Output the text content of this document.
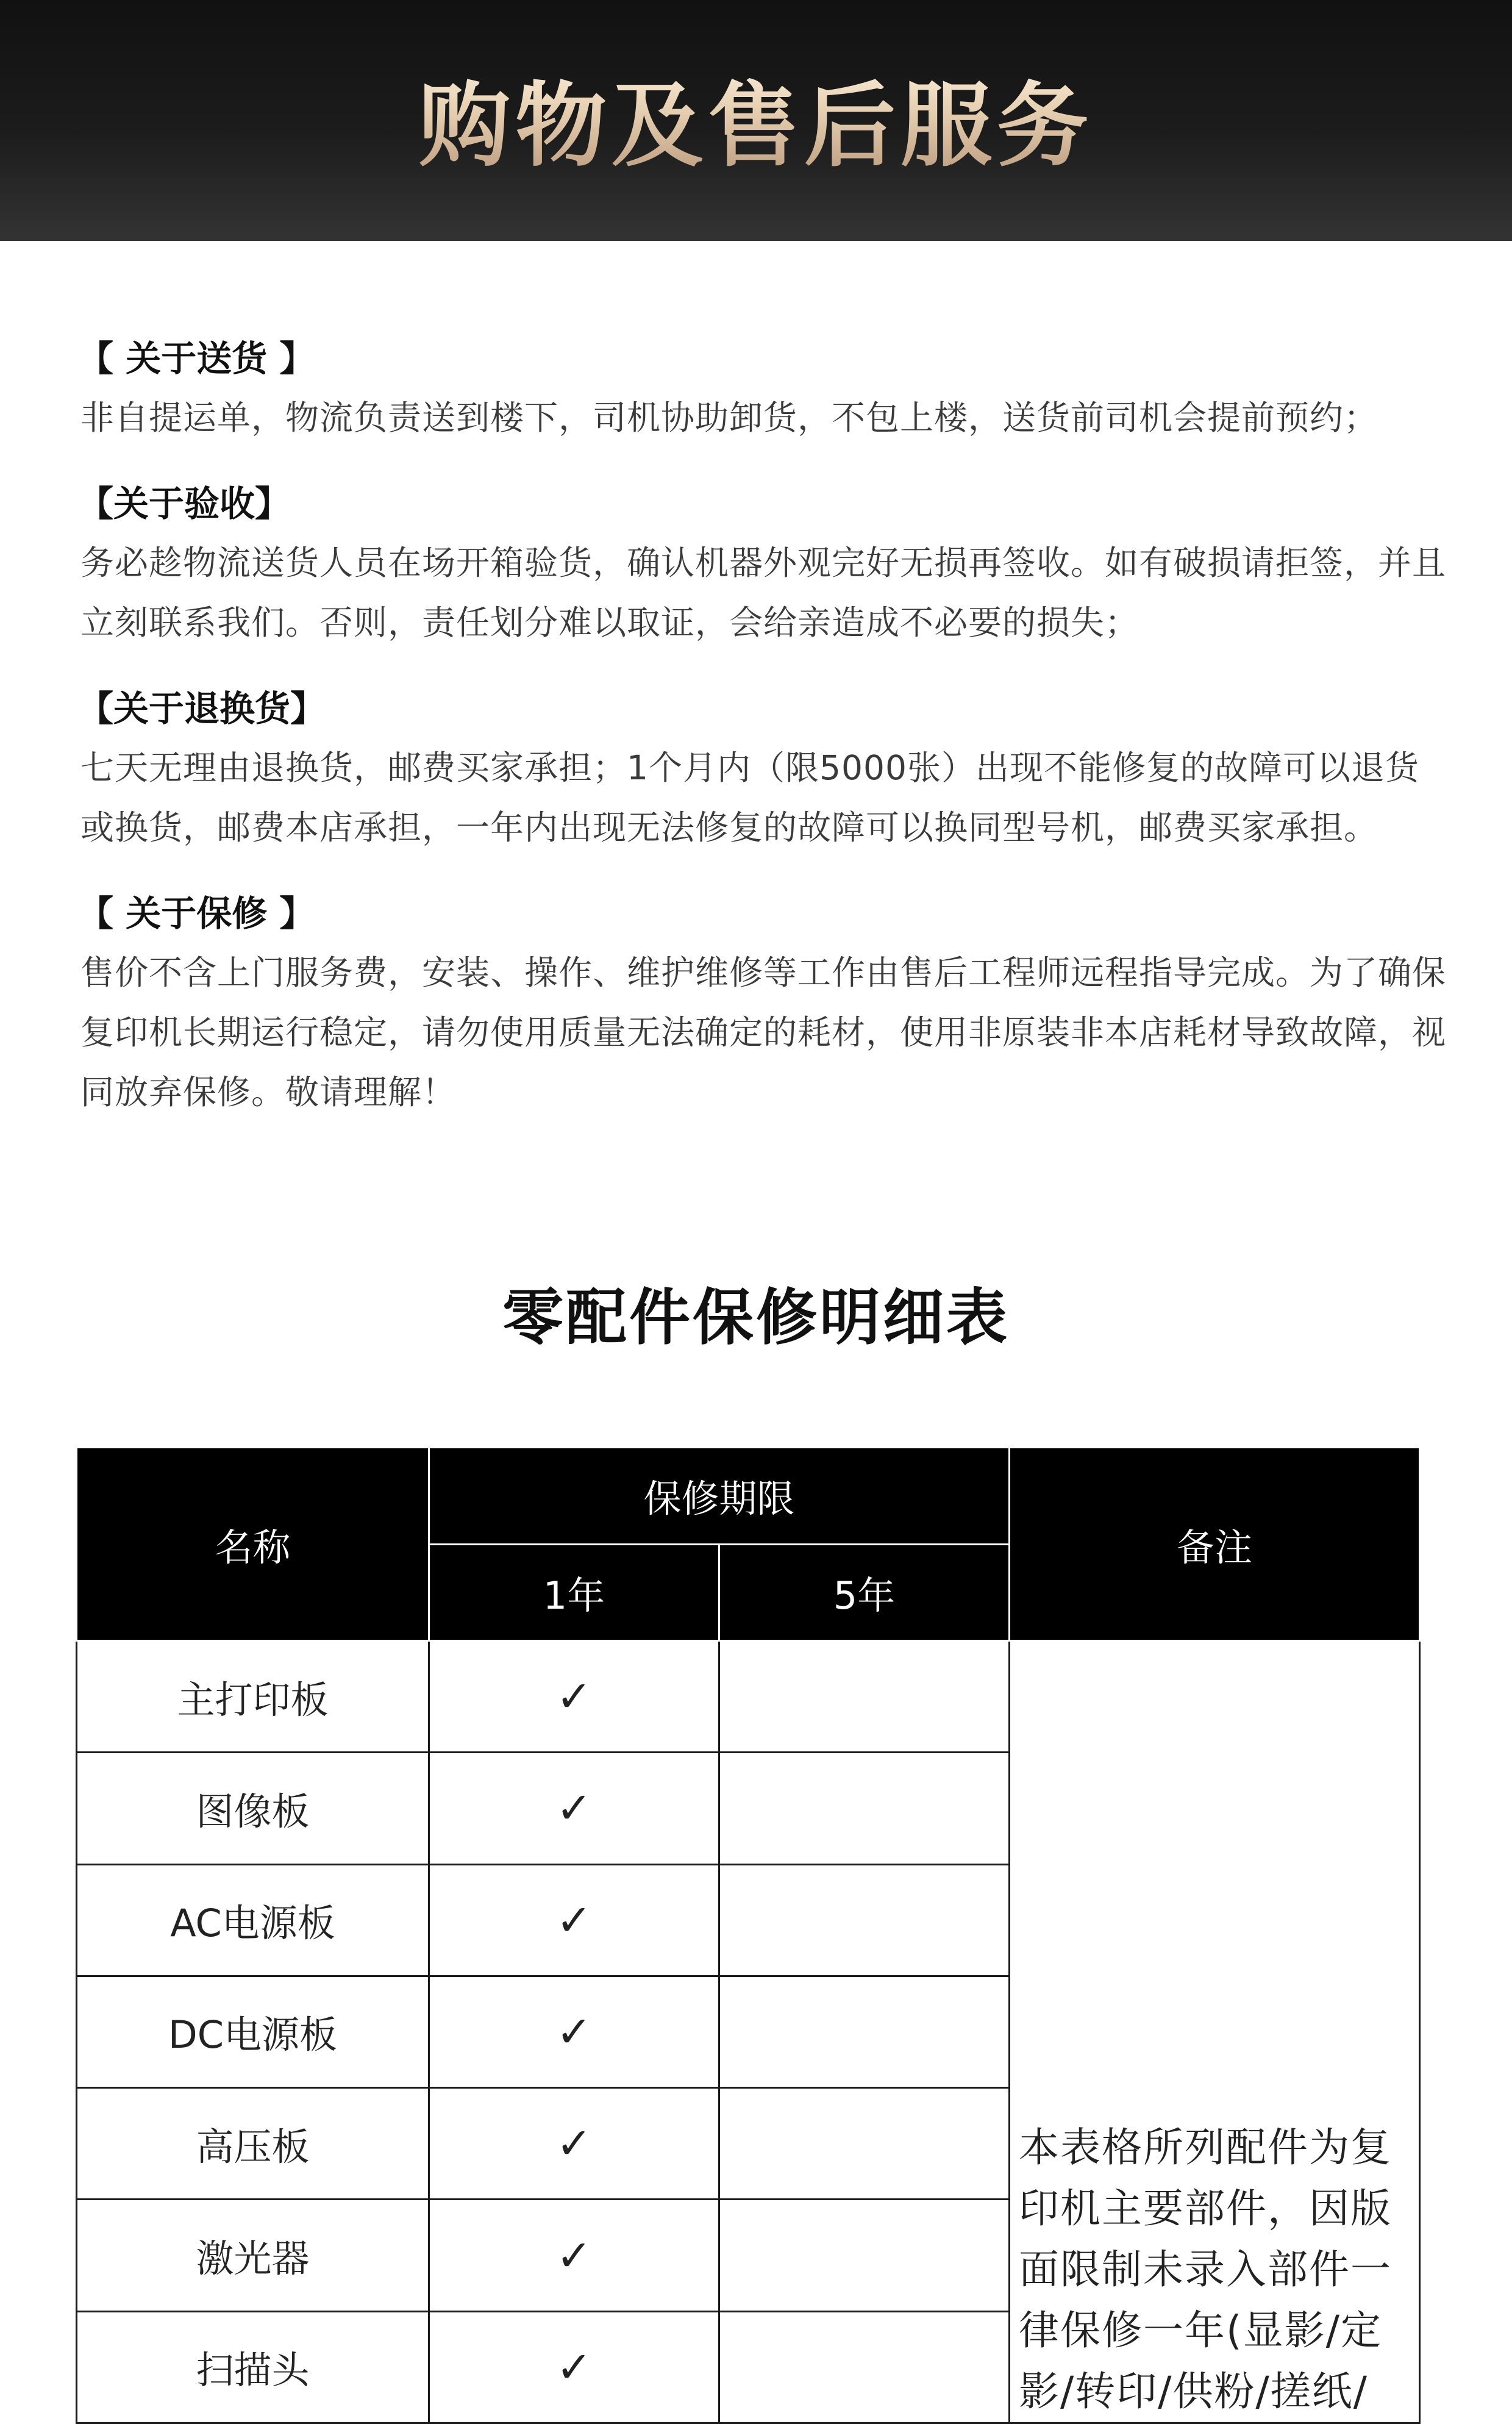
购物及售后服务
【 关于送货 】

非自提运单，物流负责送到楼下，司机协助卸货，不包上楼，送货前司机会提前预约；

【关于验收】

务必趁物流送货人员在场开箱验货，确认机器外观完好无损再签收。如有破损请拒签，并且立刻联系我们。否则，责任划分难以取证，会给亲造成不必要的损失；

【关于退换货】

七天无理由退换货，邮费买家承担；1个月内（限5000张）出现不能修复的故障可以退货或换货，邮费本店承担，一年内出现无法修复的故障可以换同型号机，邮费买家承担。

【 关于保修 】

售价不含上门服务费，安装、操作、维护维修等工作由售后工程师远程指导完成。为了确保复印机长期运行稳定，请勿使用质量无法确定的耗材，使用非原装非本店耗材导致故障，视同放弃保修。敬请理解！

零配件保修明细表
名称	保修期限		备注
	1年	5年	
主打印板	✓		本表格所列配件为复印机主要部件，因版面限制未录入部件一律保修一年(显影/定影/转印/供粉/搓纸/

图像板	✓		
AC电源板	✓		
DC电源板	✓		
高压板	✓		
激光器	✓		
扫描头	✓		
